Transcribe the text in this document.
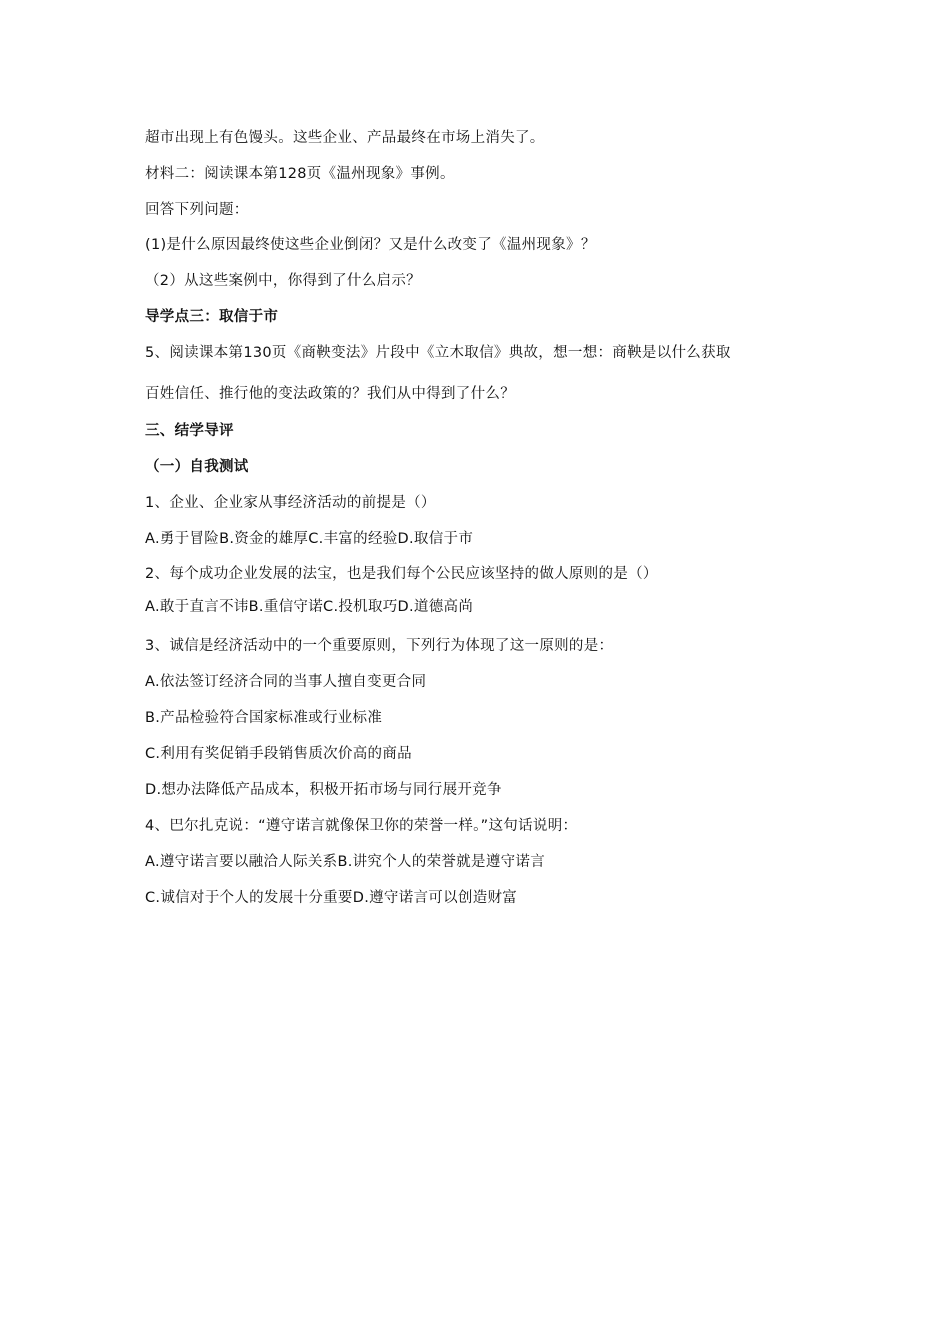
超市出现上有色馒头。这些企业、产品最终在市场上消失了。
材料二：阅读课本第128页《温州现象》事例。
回答下列问题：
(1)是什么原因最终使这些企业倒闭？又是什么改变了《温州现象》？
（2）从这些案例中，你得到了什么启示？
导学点三：取信于市
5、阅读课本第130页《商鞅变法》片段中《立木取信》典故，想一想：商鞅是以什么获取
百姓信任、推行他的变法政策的？我们从中得到了什么？
三、结学导评
（一）自我测试
1、企业、企业家从事经济活动的前提是（）
A.勇于冒险B.资金的雄厚C.丰富的经验D.取信于市
2、每个成功企业发展的法宝，也是我们每个公民应该坚持的做人原则的是（）
A.敢于直言不讳B.重信守诺C.投机取巧D.道德高尚
3、诚信是经济活动中的一个重要原则，下列行为体现了这一原则的是：
A.依法签订经济合同的当事人擅自变更合同
B.产品检验符合国家标准或行业标准
C.利用有奖促销手段销售质次价高的商品
D.想办法降低产品成本，积极开拓市场与同行展开竞争
4、巴尔扎克说：“遵守诺言就像保卫你的荣誉一样。”这句话说明：
A.遵守诺言要以融洽人际关系B.讲究个人的荣誉就是遵守诺言
C.诚信对于个人的发展十分重要D.遵守诺言可以创造财富
